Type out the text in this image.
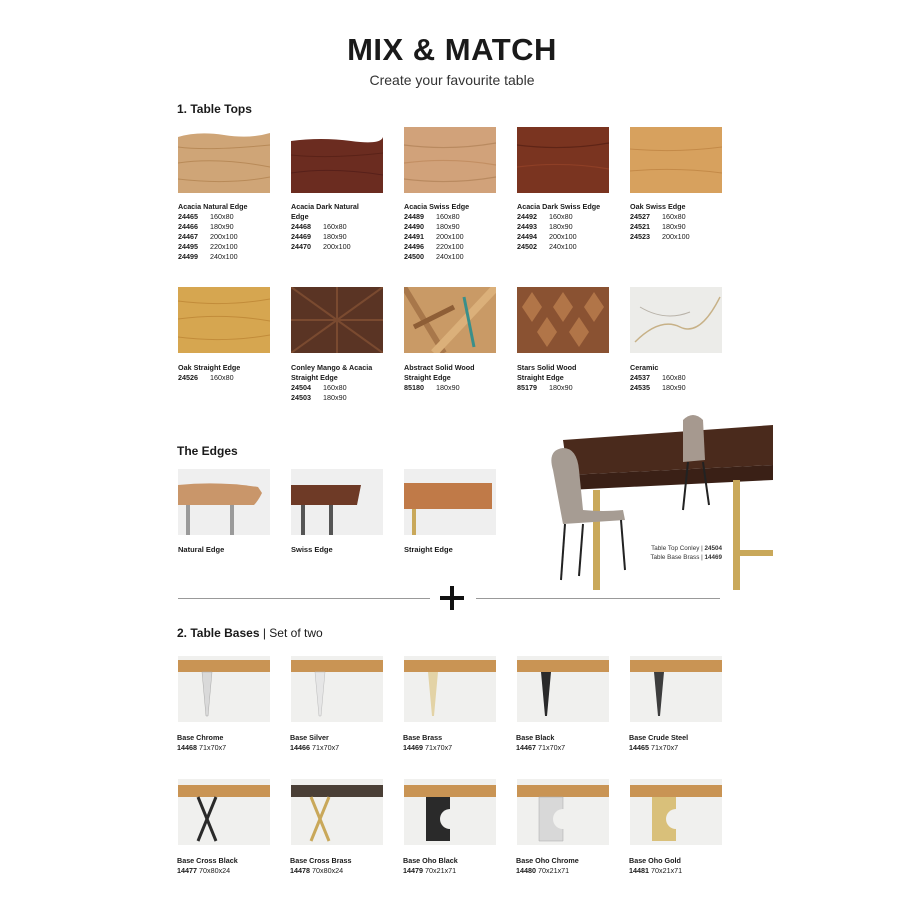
MIX & MATCH
Create your favourite table
1. Table Tops
Acacia Natural Edge
24465 160x80
24466 180x90
24467 200x100
24495 220x100
24499 240x100
Acacia Dark Natural Edge
24468 160x80
24469 180x90
24470 200x100
Acacia Swiss Edge
24489 160x80
24490 180x90
24491 200x100
24496 220x100
24500 240x100
Acacia Dark Swiss Edge
24492 160x80
24493 180x90
24494 200x100
24502 240x100
Oak Swiss Edge
24527 160x80
24521 180x90
24523 200x100
Oak Straight Edge
24526 160x80
Conley Mango & Acacia Straight Edge
24504 160x80
24503 180x90
Abstract Solid Wood Straight Edge
85180 180x90
Stars Solid Wood Straight Edge
85179 180x90
Ceramic
24537 160x80
24535 180x90
The Edges
Natural Edge	Swiss Edge	Straight Edge	Table Top Conley | 24504
Table Base Brass | 14469
2. Table Bases | Set of two
Base Chrome
14468 71x70x7
Base Silver
14466 71x70x7
Base Brass
14469 71x70x7
Base Black
14467 71x70x7
Base Crude Steel
14465 71x70x7
Base Cross Black
14477 70x80x24
Base Cross Brass
14478 70x80x24
Base Oho Black
14479 70x21x71
Base Oho Chrome
14480 70x21x71
Base Oho Gold
14481 70x21x71
